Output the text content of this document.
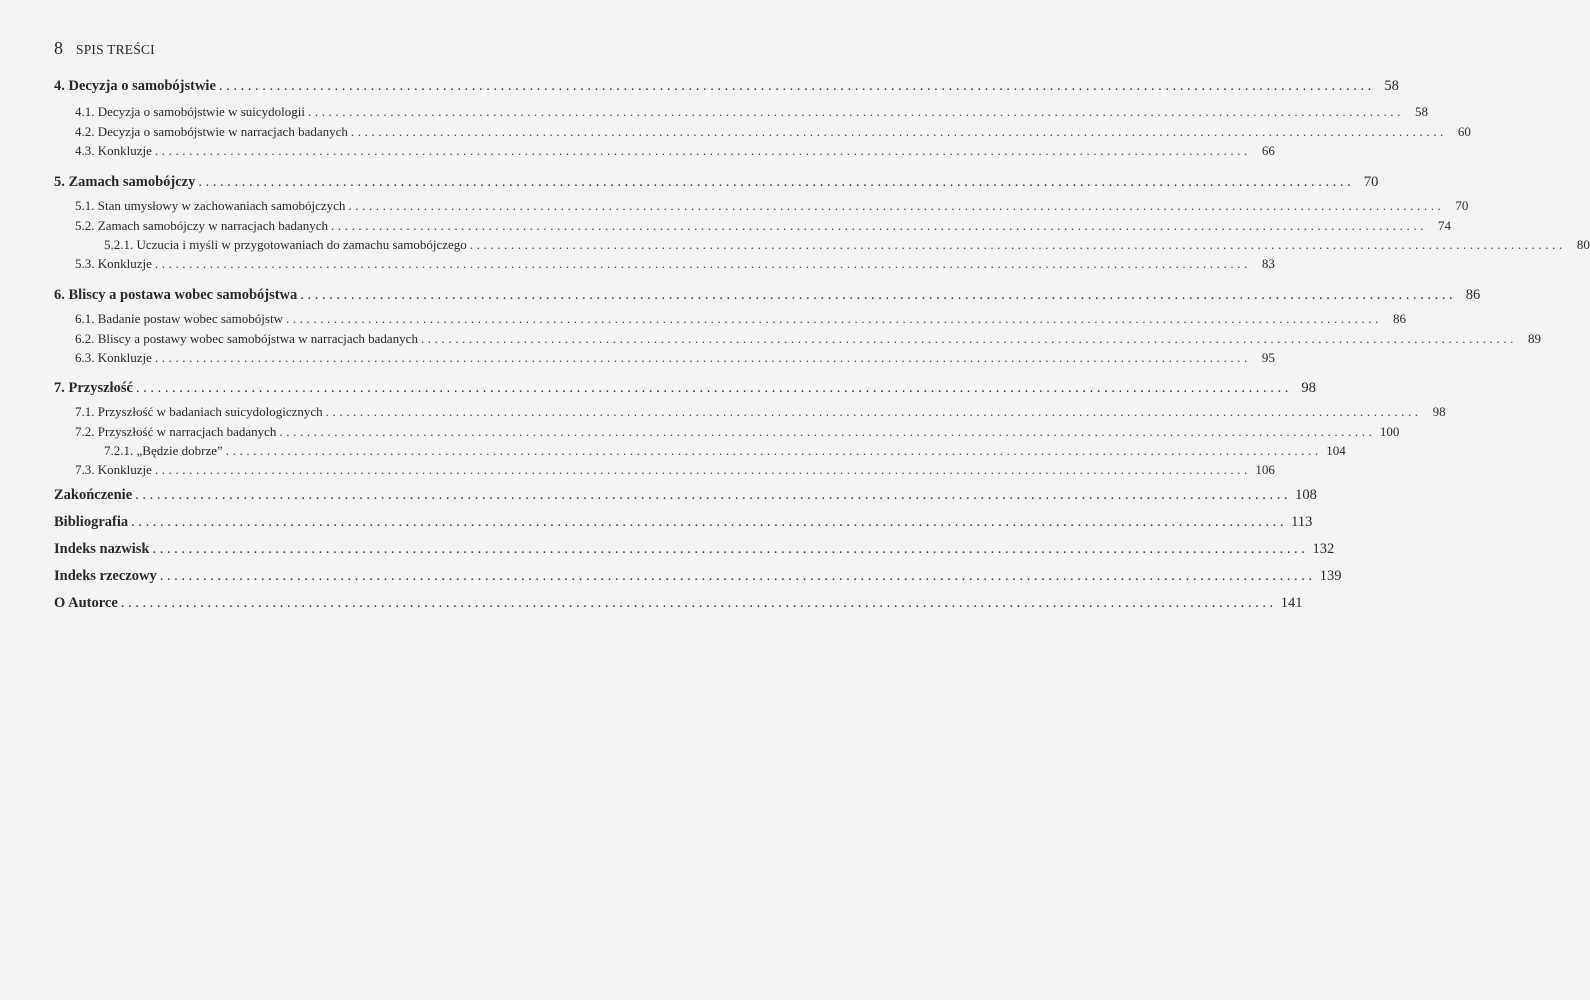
8 SPIS TREŚCI
4. Decyzja o samobójstwie ................................................................................................................................................................ 58
4.1. Decyzja o samobójstwie w suicydologii ................................................................................................................................................................ 58
4.2. Decyzja o samobójstwie w narracjach badanych ................................................................................................................................................................ 60
4.3. Konkluzje ................................................................................................................................................................ 66
5. Zamach samobójczy ................................................................................................................................................................ 70
5.1. Stan umysłowy w zachowaniach samobójczych ................................................................................................................................................................ 70
5.2. Zamach samobójczy w narracjach badanych ................................................................................................................................................................ 74
5.2.1. Uczucia i myśli w przygotowaniach do zamachu samobójczego ................................................................................................................................................................ 80
5.3. Konkluzje ................................................................................................................................................................ 83
6. Bliscy a postawa wobec samobójstwa ................................................................................................................................................................ 86
6.1. Badanie postaw wobec samobójstw ................................................................................................................................................................ 86
6.2. Bliscy a postawy wobec samobójstwa w narracjach badanych ................................................................................................................................................................ 89
6.3. Konkluzje ................................................................................................................................................................ 95
7. Przyszłość ................................................................................................................................................................ 98
7.1. Przyszłość w badaniach suicydologicznych ................................................................................................................................................................ 98
7.2. Przyszłość w narracjach badanych ................................................................................................................................................................ 100
7.2.1. „Będzie dobrze” ................................................................................................................................................................ 104
7.3. Konkluzje ................................................................................................................................................................ 106
Zakończenie ................................................................................................................................................................ 108
Bibliografia ................................................................................................................................................................ 113
Indeks nazwisk ................................................................................................................................................................ 132
Indeks rzeczowy ................................................................................................................................................................ 139
O Autorce ................................................................................................................................................................ 141
